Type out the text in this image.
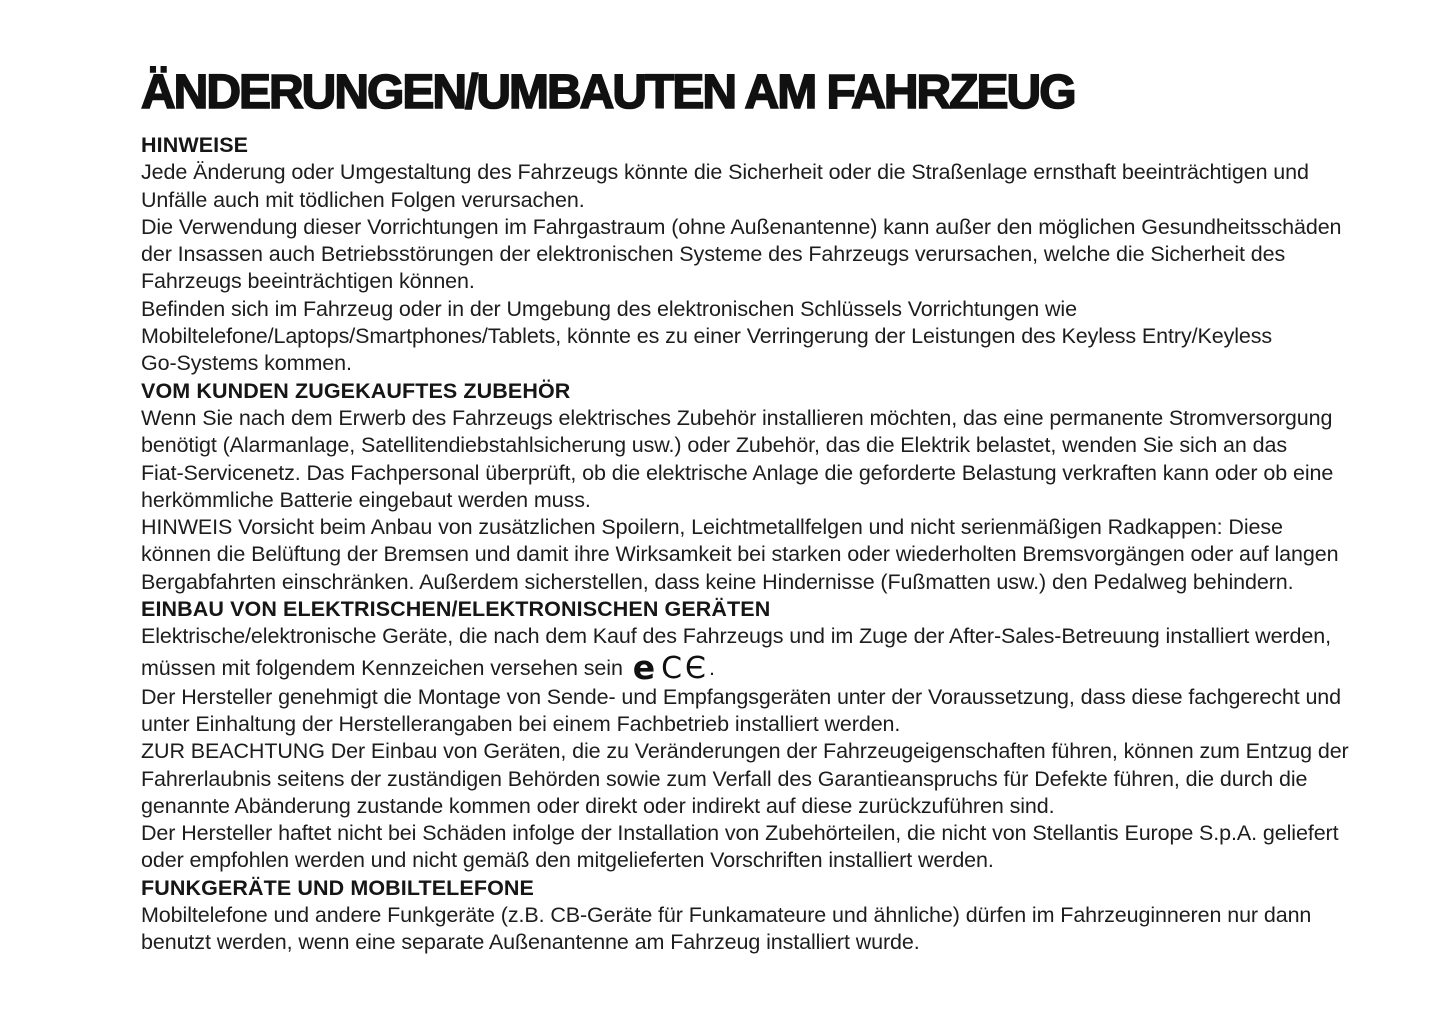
ÄNDERUNGEN/UMBAUTEN AM FAHRZEUG
HINWEISE
Jede Änderung oder Umgestaltung des Fahrzeugs könnte die Sicherheit oder die Straßenlage ernsthaft beeinträchtigen und
Unfälle auch mit tödlichen Folgen verursachen.
Die Verwendung dieser Vorrichtungen im Fahrgastraum (ohne Außenantenne) kann außer den möglichen Gesundheitsschäden
der Insassen auch Betriebsstörungen der elektronischen Systeme des Fahrzeugs verursachen, welche die Sicherheit des
Fahrzeugs beeinträchtigen können.
Befinden sich im Fahrzeug oder in der Umgebung des elektronischen Schlüssels Vorrichtungen wie
Mobiltelefone/Laptops/Smartphones/Tablets, könnte es zu einer Verringerung der Leistungen des Keyless Entry/Keyless
Go-Systems kommen.
VOM KUNDEN ZUGEKAUFTES ZUBEHÖR
Wenn Sie nach dem Erwerb des Fahrzeugs elektrisches Zubehör installieren möchten, das eine permanente Stromversorgung
benötigt (Alarmanlage, Satellitendiebstahlsicherung usw.) oder Zubehör, das die Elektrik belastet, wenden Sie sich an das
Fiat-Servicenetz. Das Fachpersonal überprüft, ob die elektrische Anlage die geforderte Belastung verkraften kann oder ob eine
herkömmliche Batterie eingebaut werden muss.
HINWEIS Vorsicht beim Anbau von zusätzlichen Spoilern, Leichtmetallfelgen und nicht serienmäßigen Radkappen: Diese
können die Belüftung der Bremsen und damit ihre Wirksamkeit bei starken oder wiederholten Bremsvorgängen oder auf langen
Bergabfahrten einschränken. Außerdem sicherstellen, dass keine Hindernisse (Fußmatten usw.) den Pedalweg behindern.
EINBAU VON ELEKTRISCHEN/ELEKTRONISCHEN GERÄTEN
Elektrische/elektronische Geräte, die nach dem Kauf des Fahrzeugs und im Zuge der After-Sales-Betreuung installiert werden,
müssen mit folgendem Kennzeichen versehen sein e CЄ.
Der Hersteller genehmigt die Montage von Sende- und Empfangsgeräten unter der Voraussetzung, dass diese fachgerecht und
unter Einhaltung der Herstellerangaben bei einem Fachbetrieb installiert werden.
ZUR BEACHTUNG Der Einbau von Geräten, die zu Veränderungen der Fahrzeugeigenschaften führen, können zum Entzug der
Fahrerlaubnis seitens der zuständigen Behörden sowie zum Verfall des Garantieanspruchs für Defekte führen, die durch die
genannte Abänderung zustande kommen oder direkt oder indirekt auf diese zurückzuführen sind.
Der Hersteller haftet nicht bei Schäden infolge der Installation von Zubehörteilen, die nicht von Stellantis Europe S.p.A. geliefert
oder empfohlen werden und nicht gemäß den mitgelieferten Vorschriften installiert werden.
FUNKGERÄTE UND MOBILTELEFONE
Mobiltelefone und andere Funkgeräte (z.B. CB-Geräte für Funkamateure und ähnliche) dürfen im Fahrzeuginneren nur dann
benutzt werden, wenn eine separate Außenantenne am Fahrzeug installiert wurde.
